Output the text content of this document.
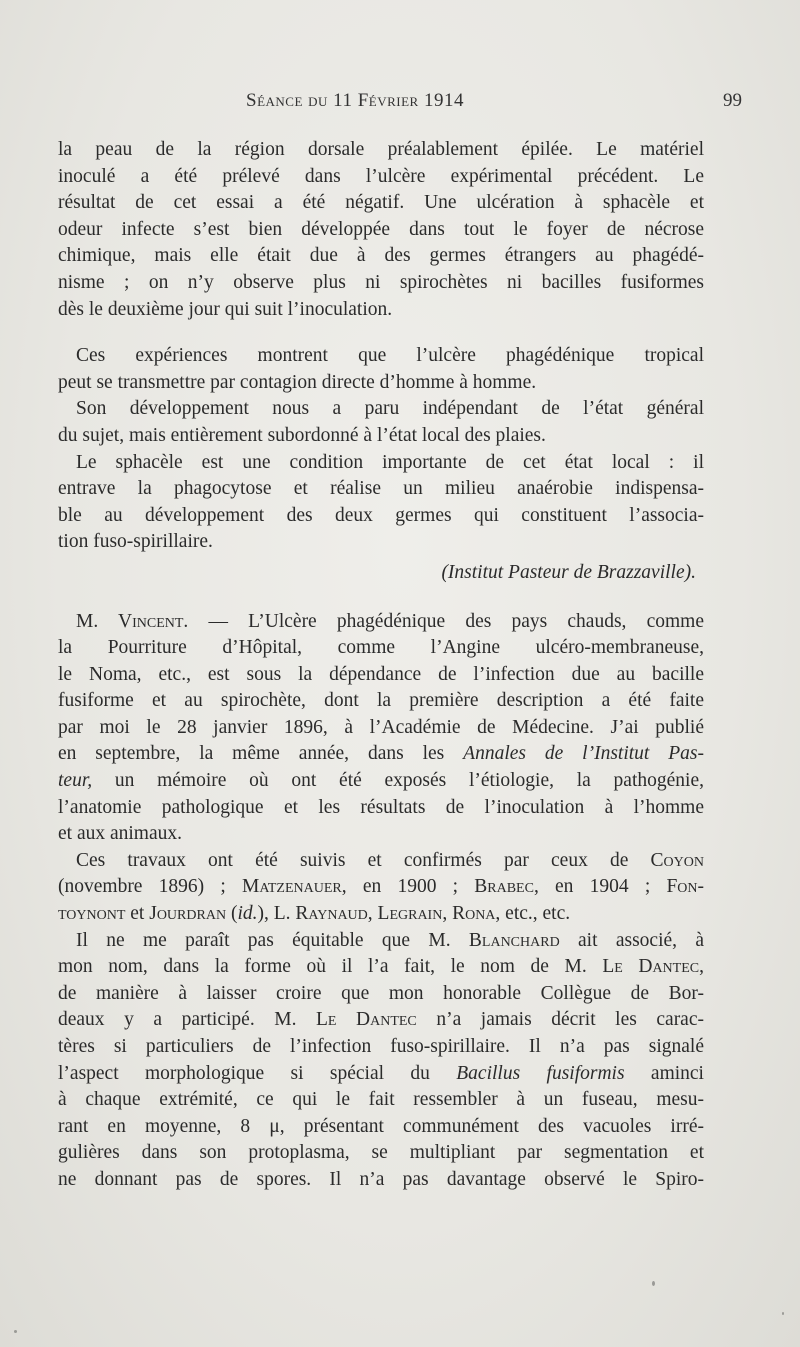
Séance du 11 Février 1914	99

la peau de la région dorsale préalablement épilée. Le matériel
inoculé a été prélevé dans l’ulcère expérimental précédent. Le
résultat de cet essai a été négatif. Une ulcération à sphacèle et
odeur infecte s’est bien développée dans tout le foyer de nécrose
chimique, mais elle était due à des germes étrangers au phagédé-
nisme ; on n’y observe plus ni spirochètes ni bacilles fusiformes
dès le deuxième jour qui suit l’inoculation.

Ces expériences montrent que l’ulcère phagédénique tropical
peut se transmettre par contagion directe d’homme à homme.

Son développement nous a paru indépendant de l’état général
du sujet, mais entièrement subordonné à l’état local des plaies.

Le sphacèle est une condition importante de cet état local : il
entrave la phagocytose et réalise un milieu anaérobie indispensa-
ble au développement des deux germes qui constituent l’associa-
tion fuso-spirillaire.

(Institut Pasteur de Brazzaville).

M. Vincent. — L’Ulcère phagédénique des pays chauds, comme
la Pourriture d’Hôpital, comme l’Angine ulcéro-membraneuse,
le Noma, etc., est sous la dépendance de l’infection due au bacille
fusiforme et au spirochète, dont la première description a été faite
par moi le 28 janvier 1896, à l’Académie de Médecine. J’ai publié
en septembre, la même année, dans les Annales de l’Institut Pas-
teur, un mémoire où ont été exposés l’étiologie, la pathogénie,
l’anatomie pathologique et les résultats de l’inoculation à l’homme
et aux animaux.

Ces travaux ont été suivis et confirmés par ceux de Coyon
(novembre 1896) ; Matzenauer, en 1900 ; Brabec, en 1904 ; Fon-
toynont et Jourdran (id.), L. Raynaud, Legrain, Rona, etc., etc.

Il ne me paraît pas équitable que M. Blanchard ait associé, à
mon nom, dans la forme où il l’a fait, le nom de M. Le Dantec,
de manière à laisser croire que mon honorable Collègue de Bor-
deaux y a participé. M. Le Dantec n’a jamais décrit les carac-
tères si particuliers de l’infection fuso-spirillaire. Il n’a pas signalé
l’aspect morphologique si spécial du Bacillus fusiformis aminci
à chaque extrémité, ce qui le fait ressembler à un fuseau, mesu-
rant en moyenne, 8 μ, présentant communément des vacuoles irré-
gulières dans son protoplasma, se multipliant par segmentation et
ne donnant pas de spores. Il n’a pas davantage observé le Spiro-
